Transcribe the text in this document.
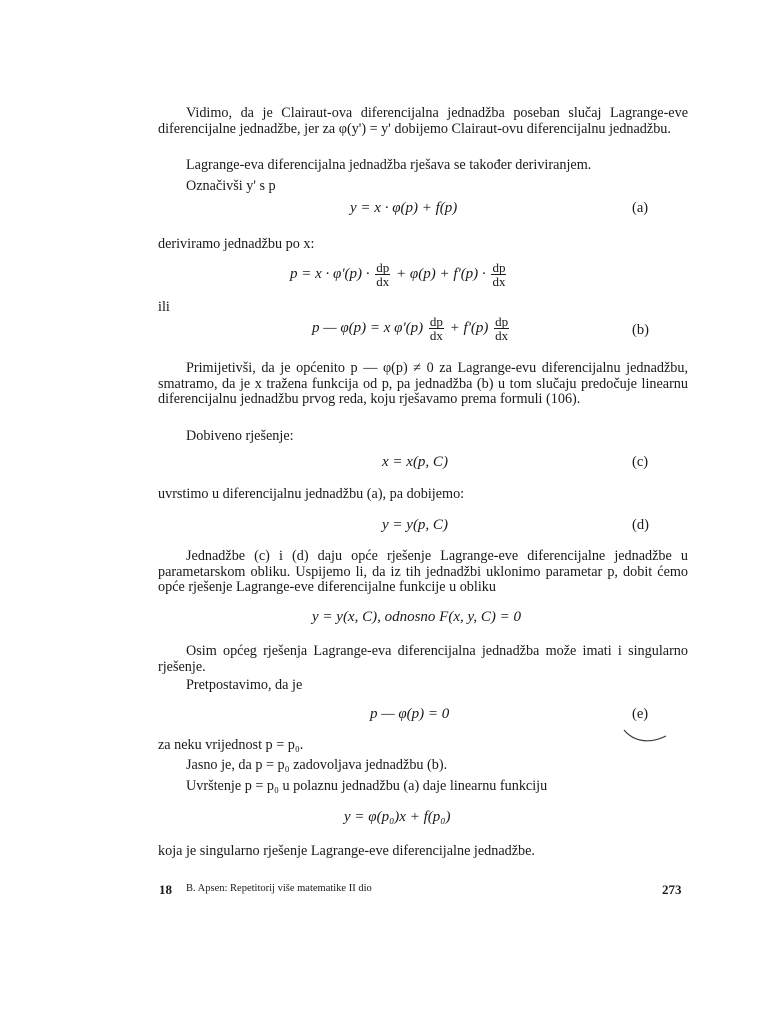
Vidimo, da je Clairaut-ova diferencijalna jednadžba poseban slučaj Lagrange-eve diferencijalne jednadžbe, jer za φ(y') = y' dobijemo Clairaut-ovu diferencijalnu jednadžbu.

Lagrange-eva diferencijalna jednadžba rješava se također deriviranjem.

Označivši y' s p

y = x · φ(p) + f(p)	(a)

deriviramo jednadžbu po x:

$p = x \cdot \varphi'(p) \cdot \frac{dp}{dx} + \varphi(p) + f'(p) \cdot \frac{dp}{dx}$

ili

p — φ(p) = x $\varphi'(p) \frac{dp}{dx} + f'(p) \frac{dp}{dx}$	(b)

Primijetivši, da je općenito p — φ(p) ≠ 0 za Lagrange-evu diferencijalnu jednadžbu, smatramo, da je x tražena funkcija od p, pa jednadžba (b) u tom slučaju predočuje linearnu diferencijalnu jednadžbu prvog reda, koju rješavamo prema formuli (106).

Dobiveno rješenje:

x = x(p, C)	(c)

uvrstimo u diferencijalnu jednadžbu (a), pa dobijemo:

y = y(p, C)	(d)

Jednadžbe (c) i (d) daju opće rješenje Lagrange-eve diferencijalne jednadžbe u parametarskom obliku. Uspijemo li, da iz tih jednadžbi uklonimo parametar p, dobit ćemo opće rješenje Lagrange-eve diferencijalne funkcije u obliku

y = y(x, C), odnosno F(x, y, C) = 0

Osim općeg rješenja Lagrange-eva diferencijalna jednadžba može imati i singularno rješenje.

Pretpostavimo, da je

p — φ(p) = 0	(e)

za neku vrijednost p = p₀.

Jasno je, da p = p₀ zadovoljava jednadžbu (b).

Uvrštenje p = p₀ u polaznu jednadžbu (a) daje linearnu funkciju

y = φ(p₀)x + f(p₀)

koja je singularno rješenje Lagrange-eve diferencijalne jednadžbe.

18 B. Apsen: Repetitorij više matematike II dio	273
